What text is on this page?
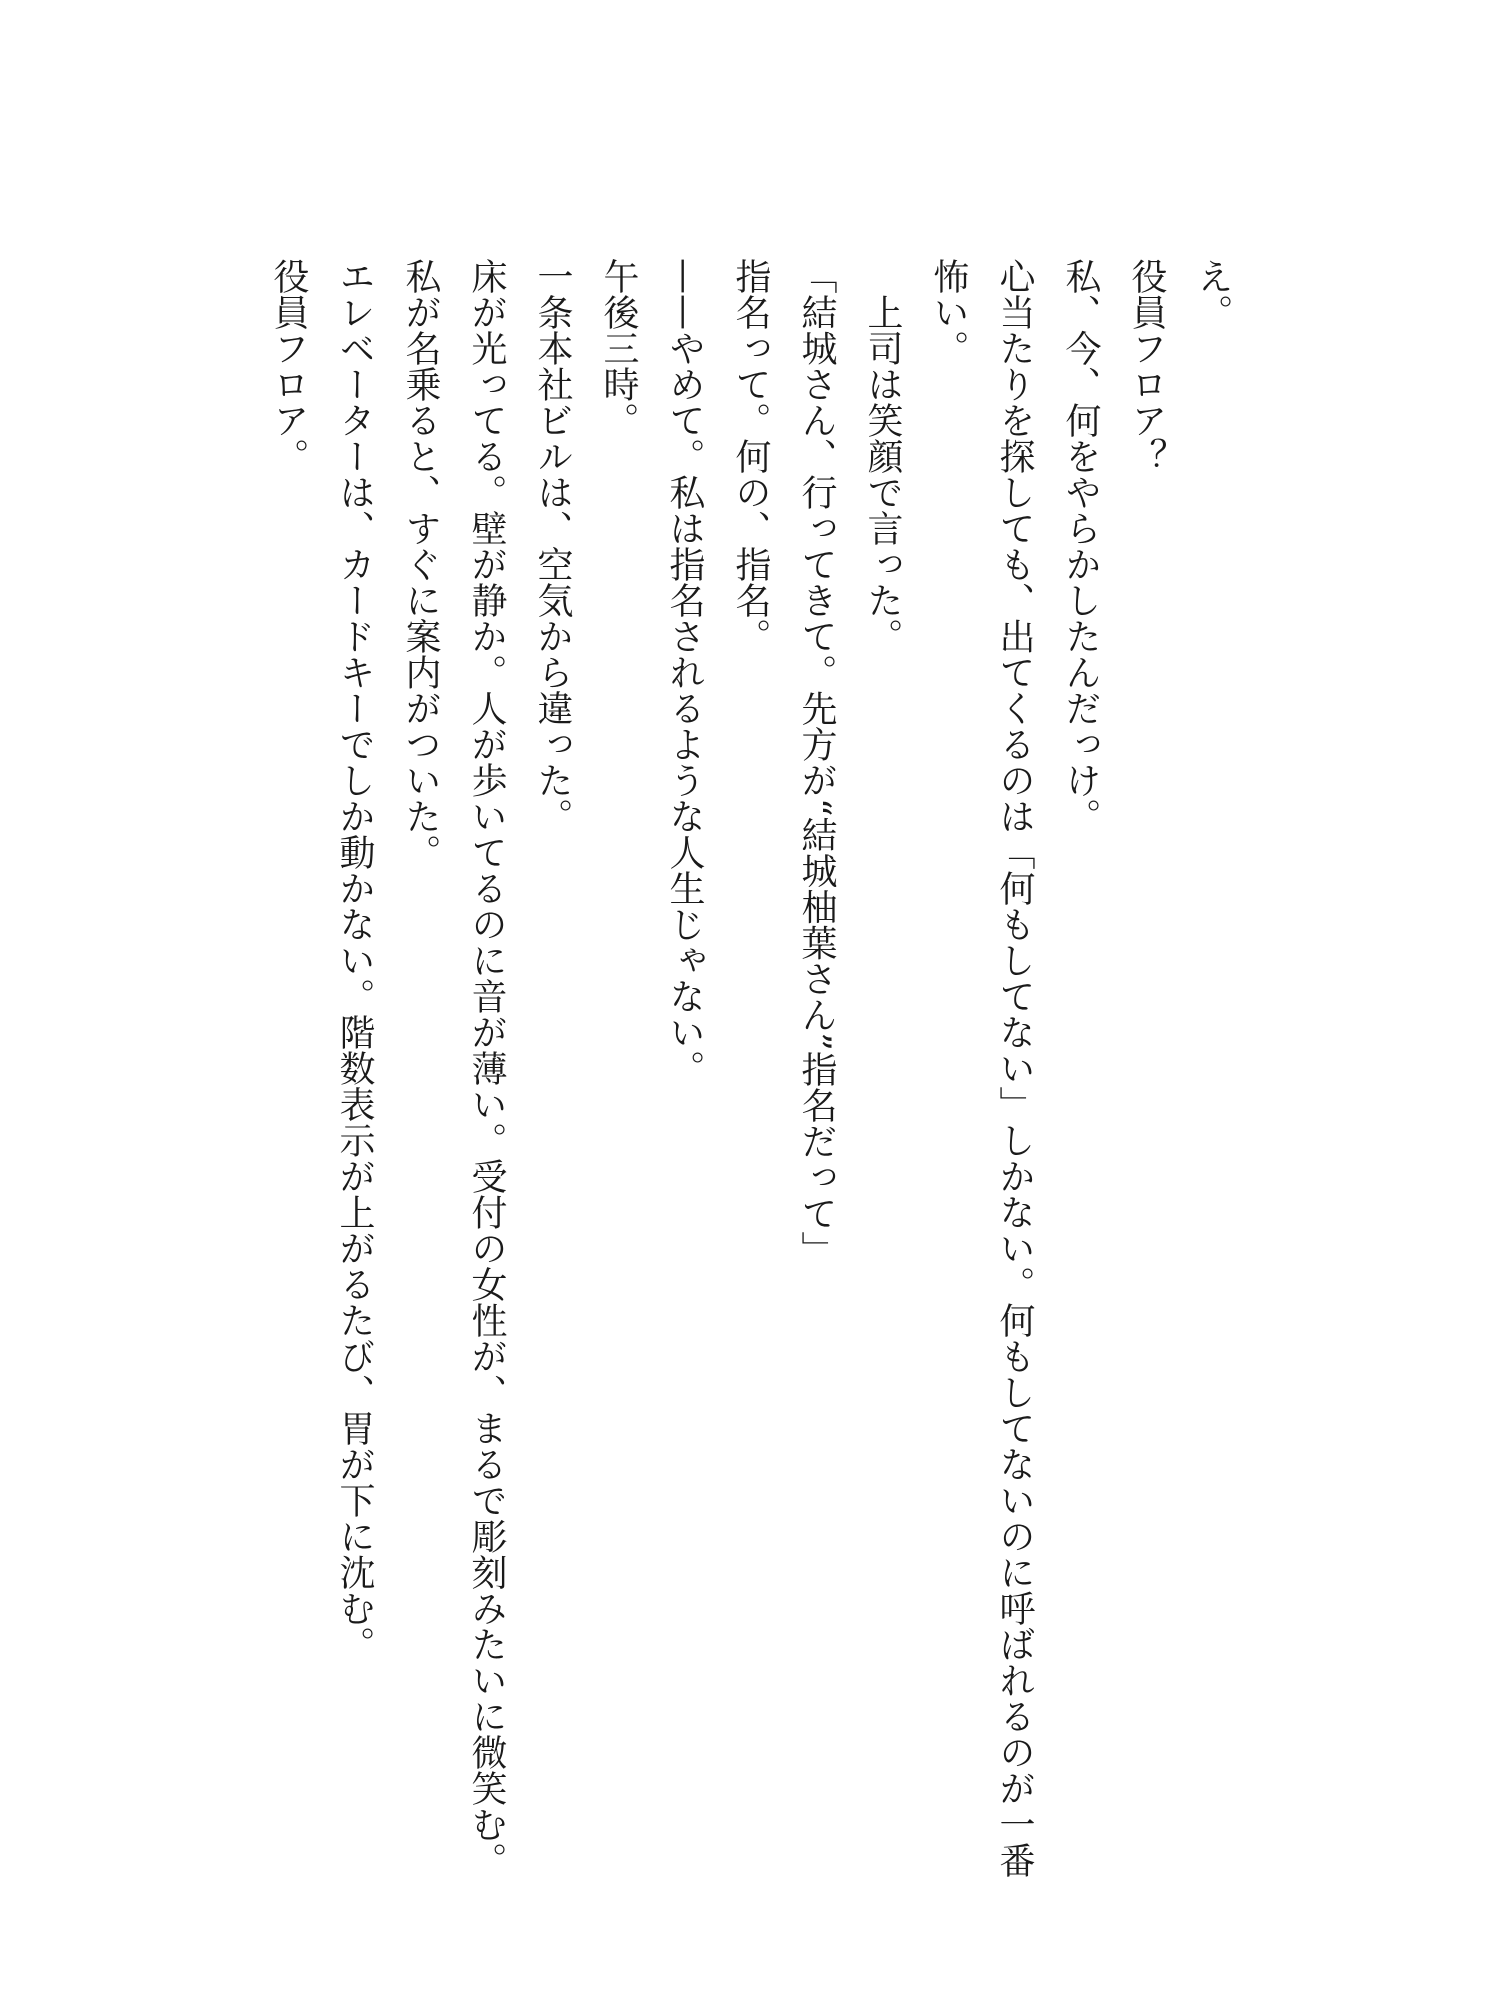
え。
役員フロア？
私、今、何をやらかしたんだっけ。
心当たりを探しても、出てくるのは「何もしてない」しかない。何もしてないのに呼ばれるのが一番
怖い。
　上司は笑顔で言った。
「結城さん、行ってきて。先方が“結城柚葉さん”指名だって」
指名って。何の、指名。
——やめて。私は指名されるような人生じゃない。
午後三時。
一条本社ビルは、空気から違った。
床が光ってる。壁が静か。人が歩いてるのに音が薄い。受付の女性が、まるで彫刻みたいに微笑む。
私が名乗ると、すぐに案内がついた。
エレベーターは、カードキーでしか動かない。階数表示が上がるたび、胃が下に沈む。
役員フロア。
